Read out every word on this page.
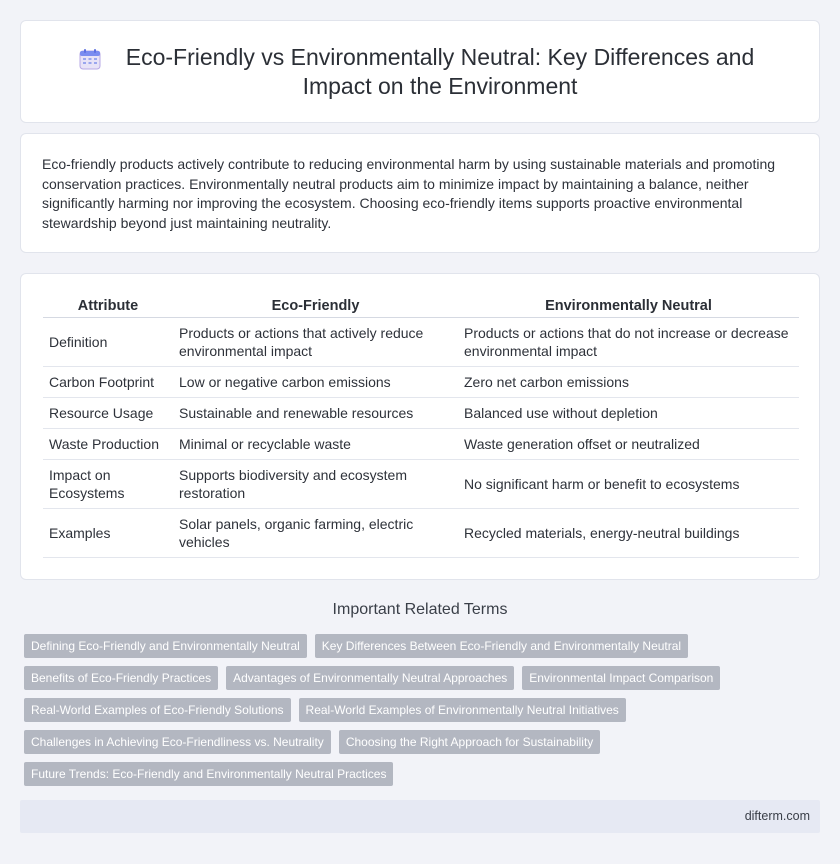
Eco-Friendly vs Environmentally Neutral: Key Differences and Impact on the Environment

Eco-friendly products actively contribute to reducing environmental harm by using sustainable materials and promoting conservation practices. Environmentally neutral products aim to minimize impact by maintaining a balance, neither significantly harming nor improving the ecosystem. Choosing eco-friendly items supports proactive environmental stewardship beyond just maintaining neutrality.

Attribute	Eco-Friendly	Environmentally Neutral
Definition	Products or actions that actively reduce environmental impact	Products or actions that do not increase or decrease environmental impact
Carbon Footprint	Low or negative carbon emissions	Zero net carbon emissions
Resource Usage	Sustainable and renewable resources	Balanced use without depletion
Waste Production	Minimal or recyclable waste	Waste generation offset or neutralized
Impact on Ecosystems	Supports biodiversity and ecosystem restoration	No significant harm or benefit to ecosystems
Examples	Solar panels, organic farming, electric vehicles	Recycled materials, energy-neutral buildings
Important Related Terms
Defining Eco-Friendly and Environmentally Neutral	Key Differences Between Eco-Friendly and Environmentally Neutral
Benefits of Eco-Friendly Practices	Advantages of Environmentally Neutral Approaches	Environmental Impact Comparison
Real-World Examples of Eco-Friendly Solutions	Real-World Examples of Environmentally Neutral Initiatives
Challenges in Achieving Eco-Friendliness vs. Neutrality	Choosing the Right Approach for Sustainability
Future Trends: Eco-Friendly and Environmentally Neutral Practices
difterm.com
